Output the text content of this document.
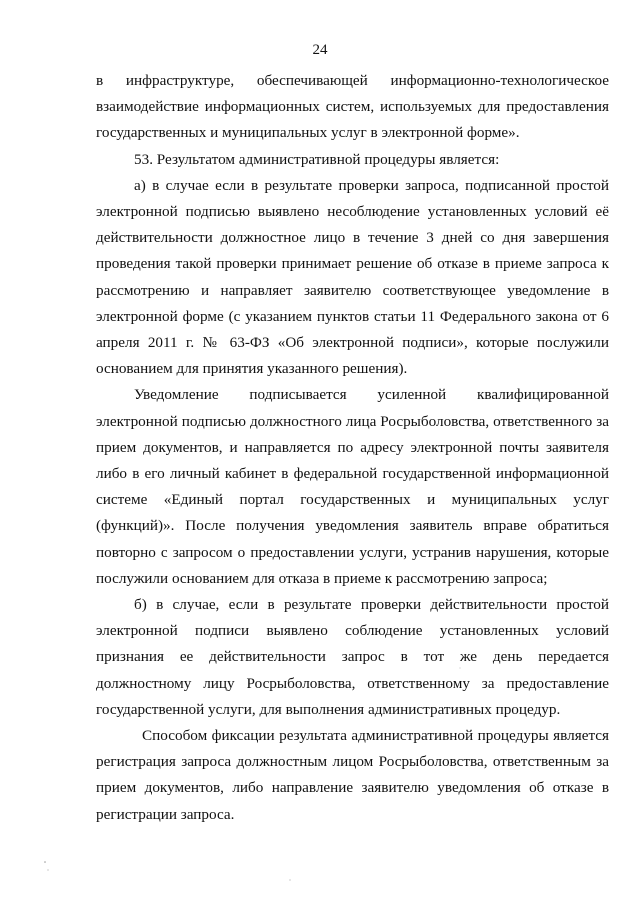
24

в инфраструктуре, обеспечивающей информационно-технологическое

взаимодействие информационных систем, используемых для предоставления государственных и муниципальных услуг в электронной форме».

53. Результатом административной процедуры является:

а) в случае если в результате проверки запроса, подписанной простой электронной подписью выявлено несоблюдение установленных условий её действительности должностное лицо в течение 3 дней со дня завершения проведения такой проверки принимает решение об отказе в приеме запроса к рассмотрению и направляет заявителю соответствующее уведомление в электронной форме (с указанием пунктов статьи 11 Федерального закона от 6 апреля 2011 г. № 63-ФЗ «Об электронной подписи», которые послужили основанием для принятия указанного решения).

Уведомление подписывается усиленной квалифицированной электронной подписью должностного лица Росрыболовства, ответственного за прием документов, и направляется по адресу электронной почты заявителя либо в его личный кабинет в федеральной государственной информационной системе «Единый портал государственных и муниципальных услуг (функций)». После получения уведомления заявитель вправе обратиться повторно с запросом о предоставлении услуги, устранив нарушения, которые послужили основанием для отказа в приеме к рассмотрению запроса;

б) в случае, если в результате проверки действительности простой электронной подписи выявлено соблюдение установленных условий признания ее действительности запрос в тот же день передается должностному лицу Росрыболовства, ответственному за предоставление государственной услуги, для выполнения административных процедур.

Способом фиксации результата административной процедуры является регистрация запроса должностным лицом Росрыболовства, ответственным за прием документов, либо направление заявителю уведомления об отказе в регистрации запроса.
